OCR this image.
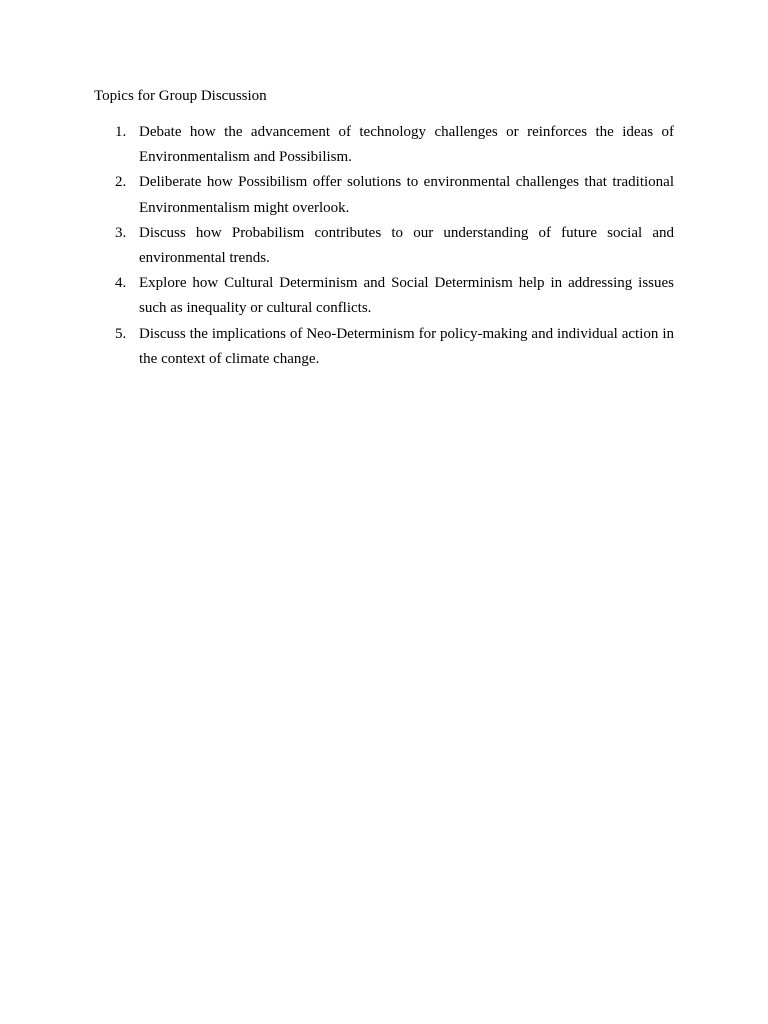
Topics for Group Discussion
1. Debate how the advancement of technology challenges or reinforces the ideas of Environmentalism and Possibilism.
2. Deliberate how Possibilism offer solutions to environmental challenges that traditional Environmentalism might overlook.
3. Discuss how Probabilism contributes to our understanding of future social and environmental trends.
4. Explore how Cultural Determinism and Social Determinism help in addressing issues such as inequality or cultural conflicts.
5. Discuss the implications of Neo-Determinism for policy-making and individual action in the context of climate change.
